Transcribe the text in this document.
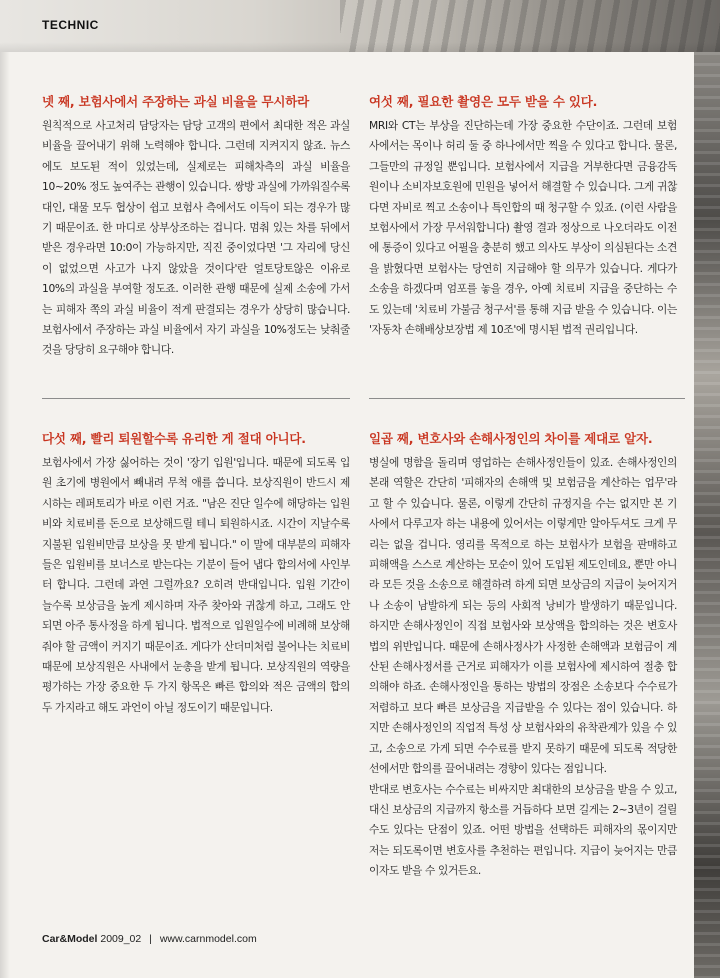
TECHNIC
넷 째, 보험사에서 주장하는 과실 비율을 무시하라

원칙적으로 사고처리 담당자는 담당 고객의 편에서 최대한 적은 과실 비율을 끌어내기 위해 노력해야 합니다. 그런데 지켜지지 않죠. 뉴스에도 보도된 적이 있었는데, 실제로는 피해차측의 과실 비율을 10~20% 정도 높여주는 관행이 있습니다. 쌍방 과실에 가까워질수록 대인, 대물 모두 협상이 쉽고 보험사 측에서도 이득이 되는 경우가 많기 때문이죠. 한 마디로 상부상조하는 겁니다. 멈춰 있는 차를 뒤에서 받은 경우라면 10:0이 가능하지만, 직진 중이었다면 '그 자리에 당신이 없었으면 사고가 나지 않았을 것이다'란 얼토당토않은 이유로 10%의 과실을 부여할 정도죠. 이러한 관행 때문에 실제 소송에 가서는 피해자 쪽의 과실 비율이 적게 판결되는 경우가 상당히 많습니다. 보험사에서 주장하는 과실 비율에서 자기 과실을 10%정도는 낮춰줄 것을 당당히 요구해야 합니다.

여섯 째, 필요한 촬영은 모두 받을 수 있다.

MRI와 CT는 부상을 진단하는데 가장 중요한 수단이죠. 그런데 보험사에서는 목이나 허리 둘 중 하나에서만 찍을 수 있다고 합니다. 물론, 그들만의 규정일 뿐입니다. 보험사에서 지급을 거부한다면 금융감독원이나 소비자보호원에 민원을 넣어서 해결할 수 있습니다. 그게 귀찮다면 자비로 찍고 소송이나 특인합의 때 청구할 수 있죠. (이런 사람을 보험사에서 가장 무서워합니다) 촬영 결과 정상으로 나오더라도 이전에 통증이 있다고 어필을 충분히 했고 의사도 부상이 의심된다는 소견을 밝혔다면 보험사는 당연히 지급해야 할 의무가 있습니다. 게다가 소송을 하겠다며 엄포를 놓을 경우, 아예 치료비 지급을 중단하는 수도 있는데 '치료비 가불금 청구서'를 통해 지급 받을 수 있습니다. 이는 '자동차 손해배상보장법 제 10조'에 명시된 법적 권리입니다.

다섯 째, 빨리 퇴원할수록 유리한 게 절대 아니다.

보험사에서 가장 싫어하는 것이 '장기 입원'입니다. 때문에 되도록 입원 초기에 병원에서 빼내려 무척 애를 씁니다. 보상직원이 반드시 제시하는 레퍼토리가 바로 이런 거죠. "남은 진단 일수에 해당하는 입원비와 치료비를 돈으로 보상해드릴 테니 퇴원하시죠. 시간이 지날수록 지불된 입원비만큼 보상을 못 받게 됩니다." 이 말에 대부분의 피해자들은 입원비를 보너스로 받는다는 기분이 들어 냅다 합의서에 사인부터 합니다. 그런데 과연 그럴까요? 오히려 반대입니다. 입원 기간이 늘수록 보상금을 높게 제시하며 자주 찾아와 귀찮게 하고, 그래도 안 되면 아주 통사정을 하게 됩니다. 법적으로 입원일수에 비례해 보상해줘야 할 금액이 커지기 때문이죠. 게다가 산더미처럼 불어나는 치료비 때문에 보상직원은 사내에서 눈총을 받게 됩니다. 보상직원의 역량을 평가하는 가장 중요한 두 가지 항목은 빠른 합의와 적은 금액의 합의 두 가지라고 해도 과언이 아닐 정도이기 때문입니다.

일곱 째, 변호사와 손해사정인의 차이를 제대로 알자.

병실에 명함을 돌리며 영업하는 손해사정인들이 있죠. 손해사정인의 본래 역할은 간단히 '피해자의 손해액 및 보험금을 계산하는 업무'라고 할 수 있습니다. 물론, 이렇게 간단히 규정지을 수는 없지만 본 기사에서 다루고자 하는 내용에 있어서는 이렇게만 알아두셔도 크게 무리는 없을 겁니다. 영리를 목적으로 하는 보험사가 보험을 판매하고 피해액을 스스로 계산하는 모순이 있어 도입된 제도인데요, 뿐만 아니라 모든 것을 소송으로 해결하려 하게 되면 보상금의 지급이 늦어지거나 소송이 남발하게 되는 등의 사회적 낭비가 발생하기 때문입니다. 하지만 손해사정인이 직접 보험사와 보상액을 합의하는 것은 변호사법의 위반입니다. 때문에 손해사정사가 사정한 손해액과 보험금이 계산된 손해사정서를 근거로 피해자가 이를 보험사에 제시하여 절충 합의해야 하죠. 손해사정인을 통하는 방법의 장점은 소송보다 수수료가 저렴하고 보다 빠른 보상금을 지급받을 수 있다는 점이 있습니다. 하지만 손해사정인의 직업적 특성 상 보험사와의 유착관계가 있을 수 있고, 소송으로 가게 되면 수수료를 받지 못하기 때문에 되도록 적당한 선에서만 합의를 끌어내려는 경향이 있다는 점입니다.

반대로 변호사는 수수료는 비싸지만 최대한의 보상금을 받을 수 있고, 대신 보상금의 지급까지 항소를 거듭하다 보면 길게는 2~3년이 걸릴 수도 있다는 단점이 있죠. 어떤 방법을 선택하든 피해자의 몫이지만 저는 되도록이면 변호사를 추천하는 편입니다. 지급이 늦어지는 만큼 이자도 받을 수 있거든요.

Car&Model 2009_02 | www.carnmodel.com
